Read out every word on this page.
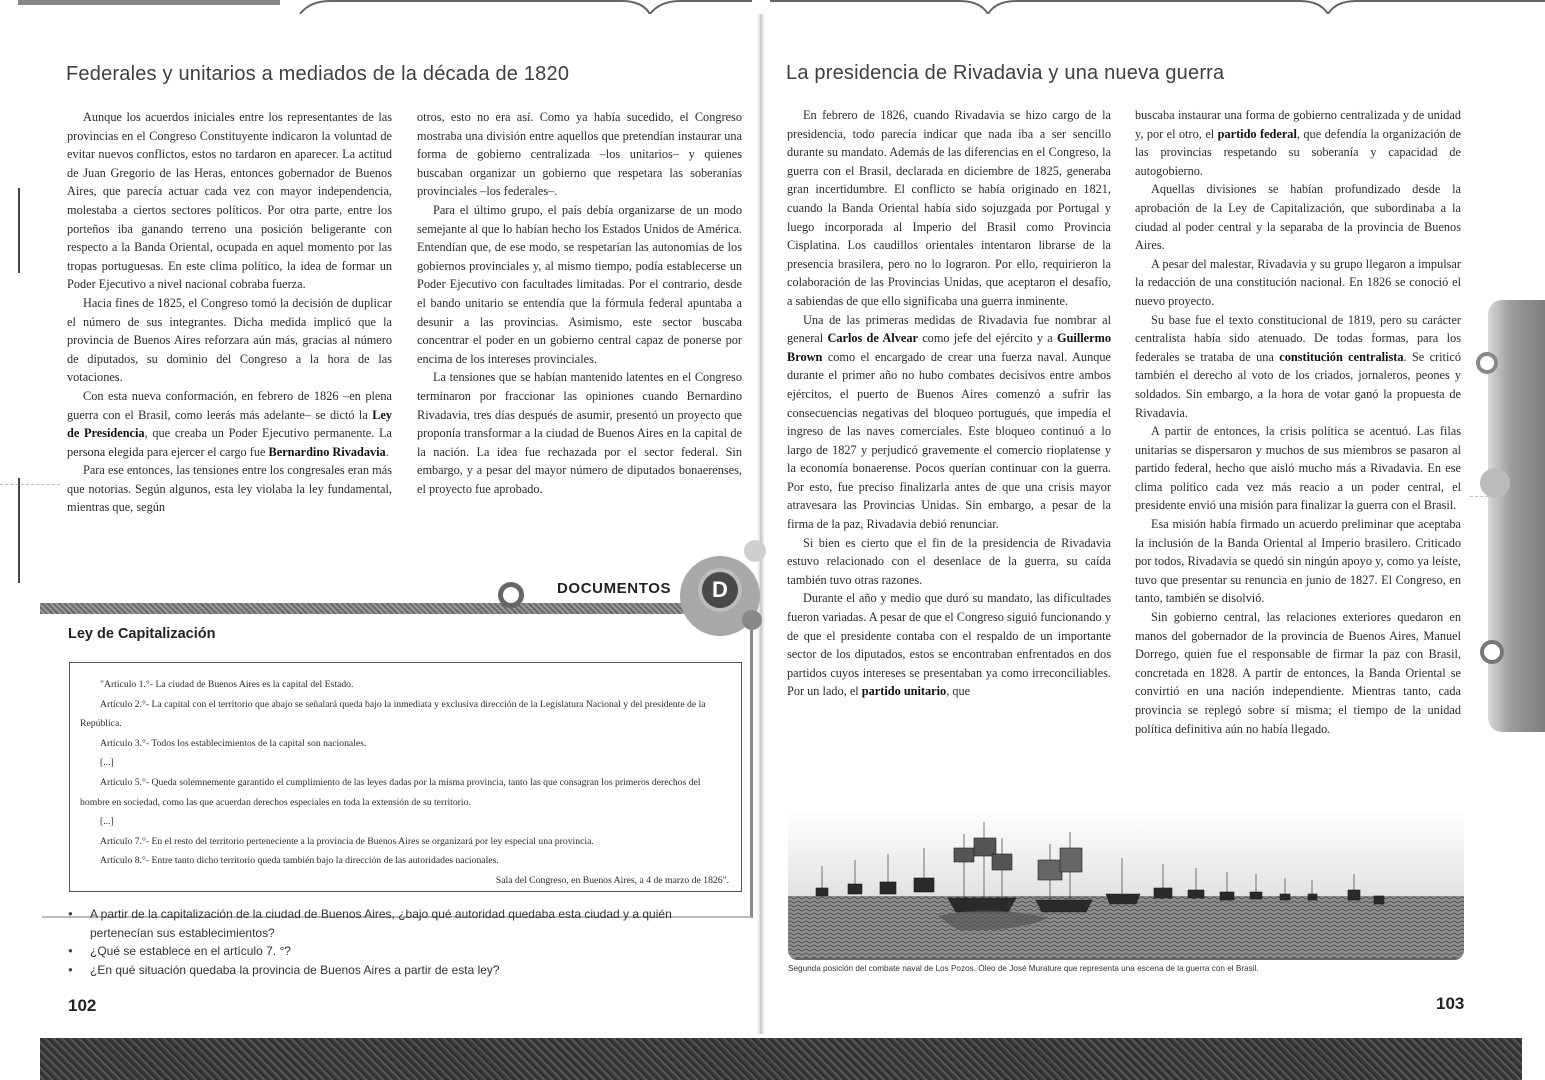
Federales y unitarios a mediados de la década de 1820

Aunque los acuerdos iniciales entre los representantes de las provincias en el Congreso Constituyente indicaron la voluntad de evitar nuevos conflictos, estos no tardaron en aparecer. La actitud de Juan Gregorio de las Heras, entonces gobernador de Buenos Aires, que parecía actuar cada vez con mayor independencia, molestaba a ciertos sectores políticos. Por otra parte, entre los porteños iba ganando terreno una posición beligerante con respecto a la Banda Oriental, ocupada en aquel momento por las tropas portuguesas. En este clima político, la idea de formar un Poder Ejecutivo a nivel nacional cobraba fuerza.

Hacia fines de 1825, el Congreso tomó la decisión de duplicar el número de sus integrantes. Dicha medida implicó que la provincia de Buenos Aires reforzara aún más, gracias al número de diputados, su dominio del Congreso a la hora de las votaciones.

Con esta nueva conformación, en febrero de 1826 –en plena guerra con el Brasil, como leerás más adelante– se dictó la Ley de Presidencia, que creaba un Poder Ejecutivo permanente. La persona elegida para ejercer el cargo fue Bernardino Rivadavia.

Para ese entonces, las tensiones entre los congresales eran más que notorias. Según algunos, esta ley violaba la ley fundamental, mientras que, según

otros, esto no era así. Como ya había sucedido, el Congreso mostraba una división entre aquellos que pretendían instaurar una forma de gobierno centralizada –los unitarios– y quienes buscaban organizar un gobierno que respetara las soberanías provinciales –los federales–.

Para el último grupo, el país debía organizarse de un modo semejante al que lo habían hecho los Estados Unidos de América. Entendían que, de ese modo, se respetarían las autonomías de los gobiernos provinciales y, al mismo tiempo, podía establecerse un Poder Ejecutivo con facultades limitadas. Por el contrario, desde el bando unitario se entendía que la fórmula federal apuntaba a desunir a las provincias. Asimismo, este sector buscaba concentrar el poder en un gobierno central capaz de ponerse por encima de los intereses provinciales.

La tensiones que se habían mantenido latentes en el Congreso terminaron por fraccionar las opiniones cuando Bernardino Rivadavia, tres días después de asumir, presentó un proyecto que proponía transformar a la ciudad de Buenos Aires en la capital de la nación. La idea fue rechazada por el sector federal. Sin embargo, y a pesar del mayor número de diputados bonaerenses, el proyecto fue aprobado.

DOCUMENTOS	D
Ley de Capitalización

"Artículo 1.°- La ciudad de Buenos Aires es la capital del Estado.

Artículo 2.°- La capital con el territorio que abajo se señalará queda bajo la inmediata y exclusiva dirección de la Legislatura Nacional y del presidente de la República.

Artículo 3.°- Todos los establecimientos de la capital son nacionales.

[...]

Artículo 5.°- Queda solemnemente garantido el cumplimiento de las leyes dadas por la misma provincia, tanto las que consagran los primeros derechos del hombre en sociedad, como las que acuerdan derechos especiales en toda la extensión de su territorio.

[...]

Artículo 7.°- En el resto del territorio perteneciente a la provincia de Buenos Aires se organizará por ley especial una provincia.

Artículo 8.°- Entre tanto dicho territorio queda también bajo la dirección de las autoridades nacionales.

Sala del Congreso, en Buenos Aires, a 4 de marzo de 1826".

● A partir de la capitalización de la ciudad de Buenos Aires, ¿bajo qué autoridad quedaba esta ciudad y a quién pertenecían sus establecimientos?
● ¿Qué se establece en el artículo 7. °?
● ¿En qué situación quedaba la provincia de Buenos Aires a partir de esta ley?
102
La presidencia de Rivadavia y una nueva guerra

En febrero de 1826, cuando Rivadavia se hizo cargo de la presidencia, todo parecía indicar que nada iba a ser sencillo durante su mandato. Además de las diferencias en el Congreso, la guerra con el Brasil, declarada en diciembre de 1825, generaba gran incertidumbre. El conflicto se había originado en 1821, cuando la Banda Oriental había sido sojuzgada por Portugal y luego incorporada al Imperio del Brasil como Provincia Cisplatina. Los caudillos orientales intentaron librarse de la presencia brasilera, pero no lo lograron. Por ello, requirieron la colaboración de las Provincias Unidas, que aceptaron el desafío, a sabiendas de que ello significaba una guerra inminente.

Una de las primeras medidas de Rivadavia fue nombrar al general Carlos de Alvear como jefe del ejército y a Guillermo Brown como el encargado de crear una fuerza naval. Aunque durante el primer año no hubo combates decisivos entre ambos ejércitos, el puerto de Buenos Aires comenzó a sufrir las consecuencias negativas del bloqueo portugués, que impedía el ingreso de las naves comerciales. Este bloqueo continuó a lo largo de 1827 y perjudicó gravemente el comercio rioplatense y la economía bonaerense. Pocos querían continuar con la guerra. Por esto, fue preciso finalizarla antes de que una crisis mayor atravesara las Provincias Unidas. Sin embargo, a pesar de la firma de la paz, Rivadavia debió renunciar.

Si bien es cierto que el fin de la presidencia de Rivadavia estuvo relacionado con el desenlace de la guerra, su caída también tuvo otras razones.

Durante el año y medio que duró su mandato, las dificultades fueron variadas. A pesar de que el Congreso siguió funcionando y de que el presidente contaba con el respaldo de un importante sector de los diputados, estos se encontraban enfrentados en dos partidos cuyos intereses se presentaban ya como irreconciliables. Por un lado, el partido unitario, que

buscaba instaurar una forma de gobierno centralizada y de unidad y, por el otro, el partido federal, que defendía la organización de las provincias respetando su soberanía y capacidad de autogobierno.

Aquellas divisiones se habían profundizado desde la aprobación de la Ley de Capitalización, que subordinaba a la ciudad al poder central y la separaba de la provincia de Buenos Aires.

A pesar del malestar, Rivadavia y su grupo llegaron a impulsar la redacción de una constitución nacional. En 1826 se conoció el nuevo proyecto.

Su base fue el texto constitucional de 1819, pero su carácter centralista había sido atenuado. De todas formas, para los federales se trataba de una constitución centralista. Se criticó también el derecho al voto de los criados, jornaleros, peones y soldados. Sin embargo, a la hora de votar ganó la propuesta de Rivadavia.

A partir de entonces, la crisis política se acentuó. Las filas unitarias se dispersaron y muchos de sus miembros se pasaron al partido federal, hecho que aisló mucho más a Rivadavia. En ese clima político cada vez más reacio a un poder central, el presidente envió una misión para finalizar la guerra con el Brasil.

Esa misión había firmado un acuerdo preliminar que aceptaba la inclusión de la Banda Oriental al Imperio brasilero. Criticado por todos, Rivadavia se quedó sin ningún apoyo y, como ya leíste, tuvo que presentar su renuncia en junio de 1827. El Congreso, en tanto, también se disolvió.

Sin gobierno central, las relaciones exteriores quedaron en manos del gobernador de la provincia de Buenos Aires, Manuel Dorrego, quien fue el responsable de firmar la paz con Brasil, concretada en 1828. A partir de entonces, la Banda Oriental se convirtió en una nación independiente. Mientras tanto, cada provincia se replegó sobre sí misma; el tiempo de la unidad política definitiva aún no había llegado.

Segunda posición del combate naval de Los Pozos. Óleo de José Murature que representa una escena de la guerra con el Brasil.
103
